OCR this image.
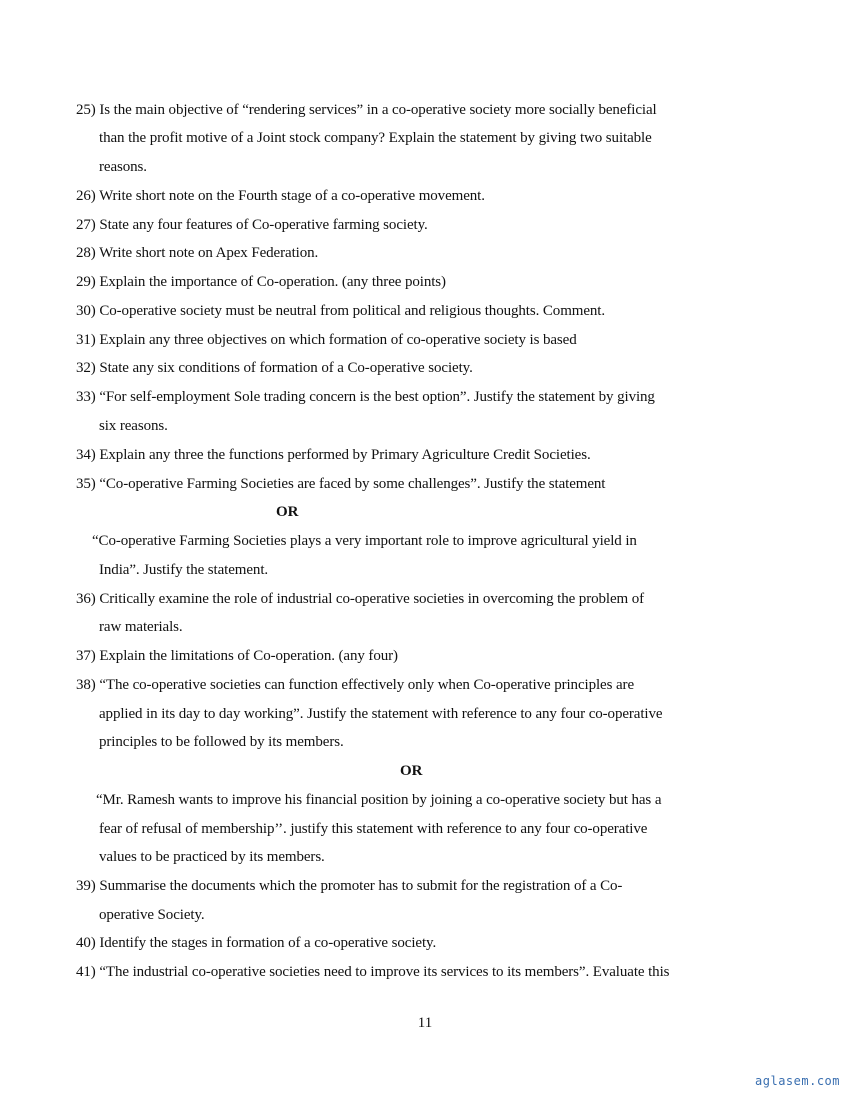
25) Is the main objective of “rendering services” in a co-operative society more socially beneficial
than the profit motive of a Joint stock company? Explain the statement by giving two suitable
reasons.
26) Write short note on the Fourth stage of a co-operative movement.
27) State any four features of Co-operative farming society.
28) Write short note on Apex Federation.
29) Explain the importance of Co-operation. (any three points)
30) Co-operative society must be neutral from political and religious thoughts. Comment.
31) Explain any three objectives on which formation of co-operative society is based
32) State any six conditions of formation of a Co-operative society.
33) “For self-employment Sole trading concern is the best option”. Justify the statement by giving
six reasons.
34) Explain any three the functions performed by Primary Agriculture Credit Societies.
35) “Co-operative Farming Societies are faced by some challenges”. Justify the statement
OR
“Co-operative Farming Societies plays a very important role to improve agricultural yield in
India”. Justify the statement.
36) Critically examine the role of industrial co-operative societies in overcoming the problem of
raw materials.
37) Explain the limitations of Co-operation. (any four)
38) “The co-operative societies can function effectively only when Co-operative principles are
applied in its day to day working”. Justify the statement with reference to any four co-operative
principles to be followed by its members.
OR
“Mr. Ramesh wants to improve his financial position by joining a co-operative society but has a
fear of refusal of membership’’. justify this statement with reference to any four co-operative
values to be practiced by its members.
39) Summarise the documents which the promoter has to submit for the registration of a Co-
operative Society.
40) Identify the stages in formation of a co-operative society.
41) “The industrial co-operative societies need to improve its services to its members”. Evaluate this
11
aglasem.com
